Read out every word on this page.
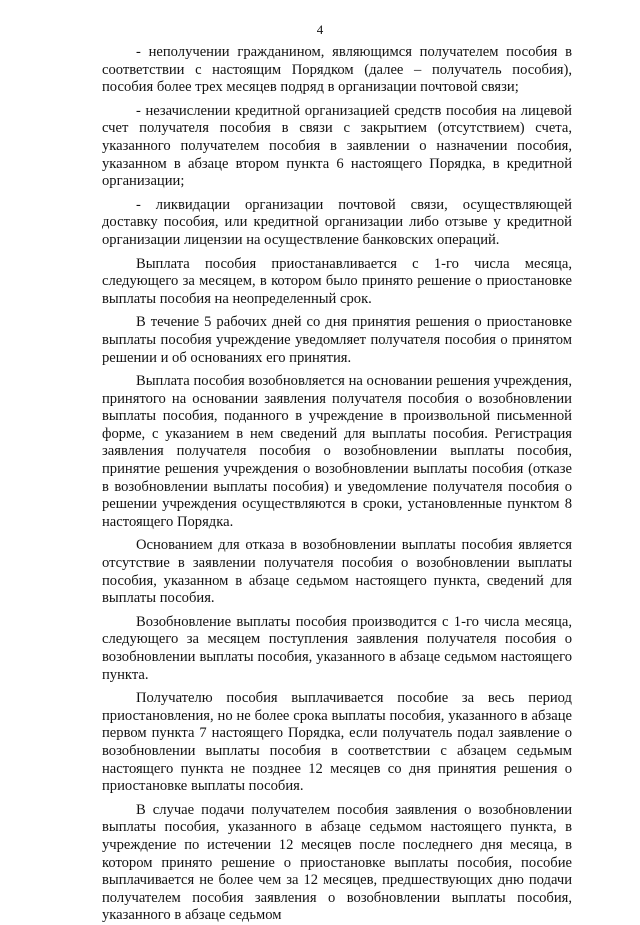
4

- неполучении гражданином, являющимся получателем пособия в соответствии с настоящим Порядком (далее – получатель пособия), пособия более трех месяцев подряд в организации почтовой связи;

- незачислении кредитной организацией средств пособия на лицевой счет получателя пособия в связи с закрытием (отсутствием) счета, указанного получателем пособия в заявлении о назначении пособия, указанном в абзаце втором пункта 6 настоящего Порядка, в кредитной организации;

- ликвидации организации почтовой связи, осуществляющей доставку пособия, или кредитной организации либо отзыве у кредитной организации лицензии на осуществление банковских операций.

Выплата пособия приостанавливается с 1-го числа месяца, следующего за месяцем, в котором было принято решение о приостановке выплаты пособия на неопределенный срок.

В течение 5 рабочих дней со дня принятия решения о приостановке выплаты пособия учреждение уведомляет получателя пособия о принятом решении и об основаниях его принятия.

Выплата пособия возобновляется на основании решения учреждения, принятого на основании заявления получателя пособия о возобновлении выплаты пособия, поданного в учреждение в произвольной письменной форме, с указанием в нем сведений для выплаты пособия. Регистрация заявления получателя пособия о возобновлении выплаты пособия, принятие решения учреждения о возобновлении выплаты пособия (отказе в возобновлении выплаты пособия) и уведомление получателя пособия о решении учреждения осуществляются в сроки, установленные пунктом 8 настоящего Порядка.

Основанием для отказа в возобновлении выплаты пособия является отсутствие в заявлении получателя пособия о возобновлении выплаты пособия, указанном в абзаце седьмом настоящего пункта, сведений для выплаты пособия.

Возобновление выплаты пособия производится с 1-го числа месяца, следующего за месяцем поступления заявления получателя пособия о возобновлении выплаты пособия, указанного в абзаце седьмом настоящего пункта.

Получателю пособия выплачивается пособие за весь период приостановления, но не более срока выплаты пособия, указанного в абзаце первом пункта 7 настоящего Порядка, если получатель подал заявление о возобновлении выплаты пособия в соответствии с абзацем седьмым настоящего пункта не позднее 12 месяцев со дня принятия решения о приостановке выплаты пособия.

В случае подачи получателем пособия заявления о возобновлении выплаты пособия, указанного в абзаце седьмом настоящего пункта, в учреждение по истечении 12 месяцев после последнего дня месяца, в котором принято решение о приостановке выплаты пособия, пособие выплачивается не более чем за 12 месяцев, предшествующих дню подачи получателем пособия заявления о возобновлении выплаты пособия, указанного в абзаце седьмом
